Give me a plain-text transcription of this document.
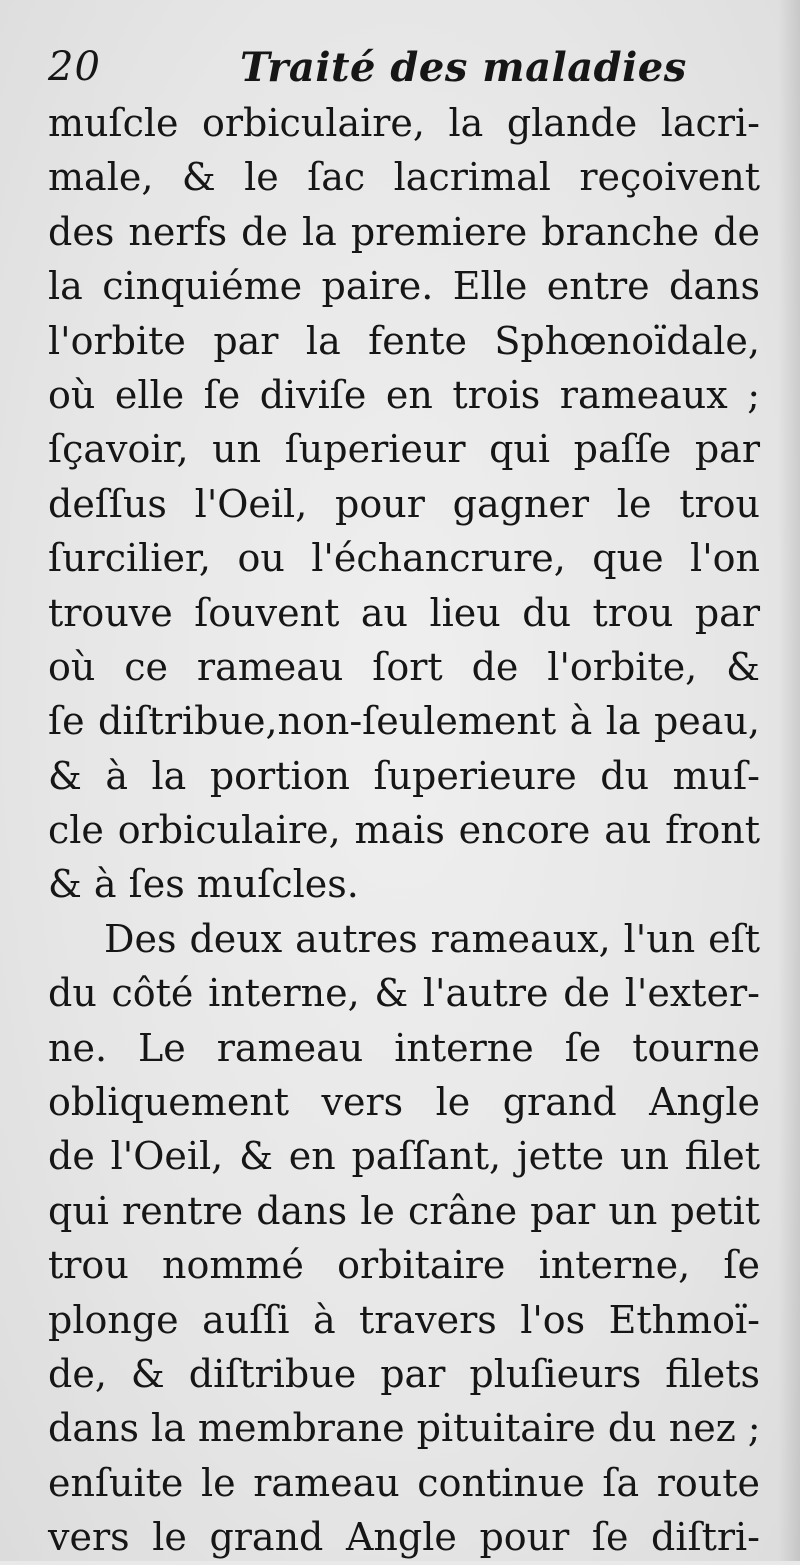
20	Traité des maladies
muſcle orbiculaire, la glande lacri-
male, & le ſac lacrimal reçoivent
des nerfs de la premiere branche de
la cinquiéme paire. Elle entre dans
l'orbite par la fente Sphœnoïdale,
où elle ſe diviſe en trois rameaux ;
ſçavoir, un ſuperieur qui paſſe par
deſſus l'Oeil, pour gagner le trou
ſurcilier, ou l'échancrure, que l'on
trouve ſouvent au lieu du trou par
où ce rameau ſort de l'orbite, &
ſe diſtribue,non-ſeulement à la peau,
& à la portion ſuperieure du muſ-
cle orbiculaire, mais encore au front
& à ſes muſcles.
Des deux autres rameaux, l'un eſt
du côté interne, & l'autre de l'exter-
ne. Le rameau interne ſe tourne
obliquement vers le grand Angle
de l'Oeil, & en paſſant, jette un filet
qui rentre dans le crâne par un petit
trou nommé orbitaire interne, ſe
plonge auſſi à travers l'os Ethmoï-
de, & diſtribue par pluſieurs filets
dans la membrane pituitaire du nez ;
enſuite le rameau continue ſa route
vers le grand Angle pour ſe diſtri-
